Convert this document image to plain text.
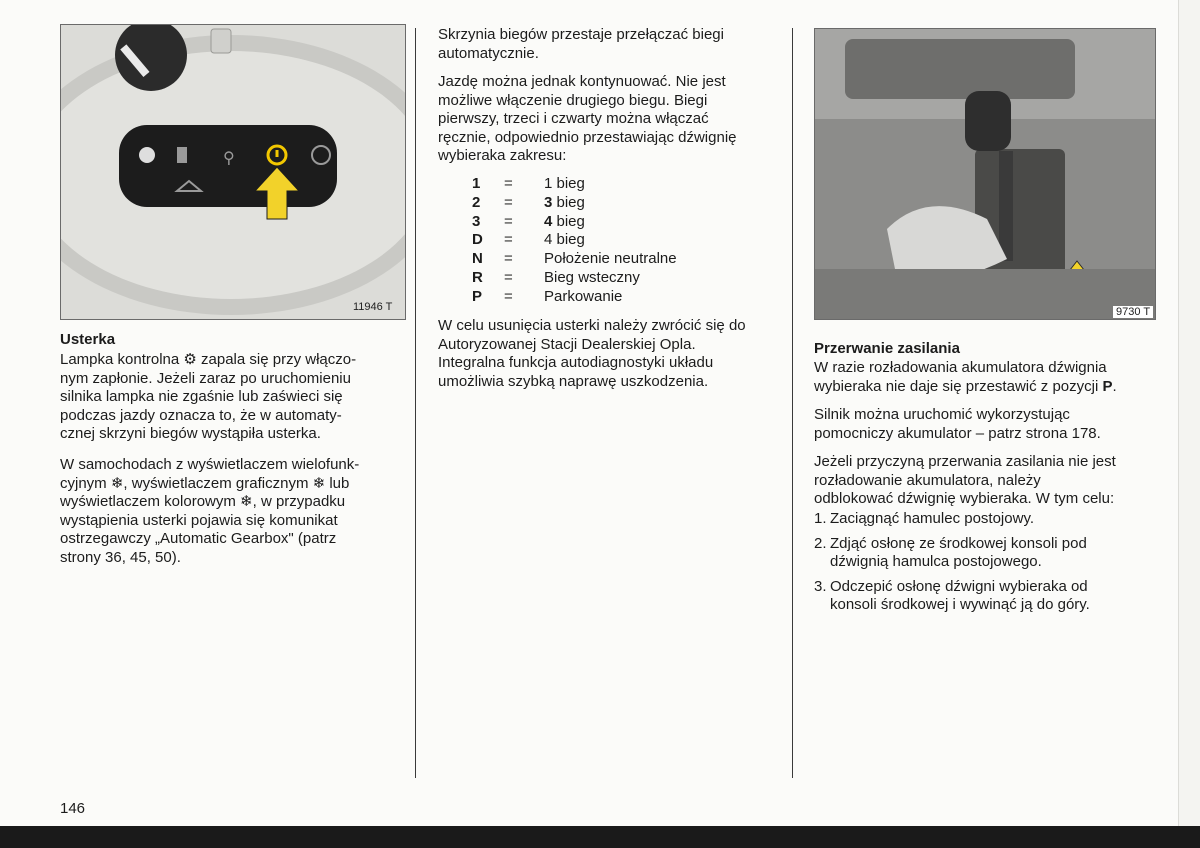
⚲
11946 T
Usterka
Lampka kontrolna ⚙ zapala się przy włączo-
nym zapłonie. Jeżeli zaraz po uruchomieniu
silnika lampka nie zgaśnie lub zaświeci się
podczas jazdy oznacza to, że w automaty-
cznej skrzyni biegów wystąpiła usterka.
W samochodach z wyświetlaczem wielofunk-
cyjnym ❄, wyświetlaczem graficznym ❄ lub
wyświetlaczem kolorowym ❄, w przypadku
wystąpienia usterki pojawia się komunikat
ostrzegawczy „Automatic Gearbox" (patrz
strony 36, 45, 50).
Skrzynia biegów przestaje przełączać biegi
automatycznie.
Jazdę można jednak kontynuować. Nie jest
możliwe włączenie drugiego biegu. Biegi
pierwszy, trzeci i czwarty można włączać
ręcznie, odpowiednio przestawiając dźwignię
wybieraka zakresu:
1	=	1 bieg
2	=	3 bieg
3	=	4 bieg
D	=	4 bieg
N	=	Położenie neutralne
R	=	Bieg wsteczny
P	=	Parkowanie
W celu usunięcia usterki należy zwrócić się do
Autoryzowanej Stacji Dealerskiej Opla.
Integralna funkcja autodiagnostyki układu
umożliwia szybką naprawę uszkodzenia.
9730 T
Przerwanie zasilania
W razie rozładowania akumulatora dźwignia
wybieraka nie daje się przestawić z pozycji P.
Silnik można uruchomić wykorzystując
pomocniczy akumulator – patrz strona 178.
Jeżeli przyczyną przerwania zasilania nie jest
rozładowanie akumulatora, należy
odblokować dźwignię wybieraka. W tym celu:
1. Zaciągnąć hamulec postojowy.
2. Zdjąć osłonę ze środkowej konsoli pod
dźwignią hamulca postojowego.
3. Odczepić osłonę dźwigni wybieraka od
konsoli środkowej i wywinąć ją do góry.
146
